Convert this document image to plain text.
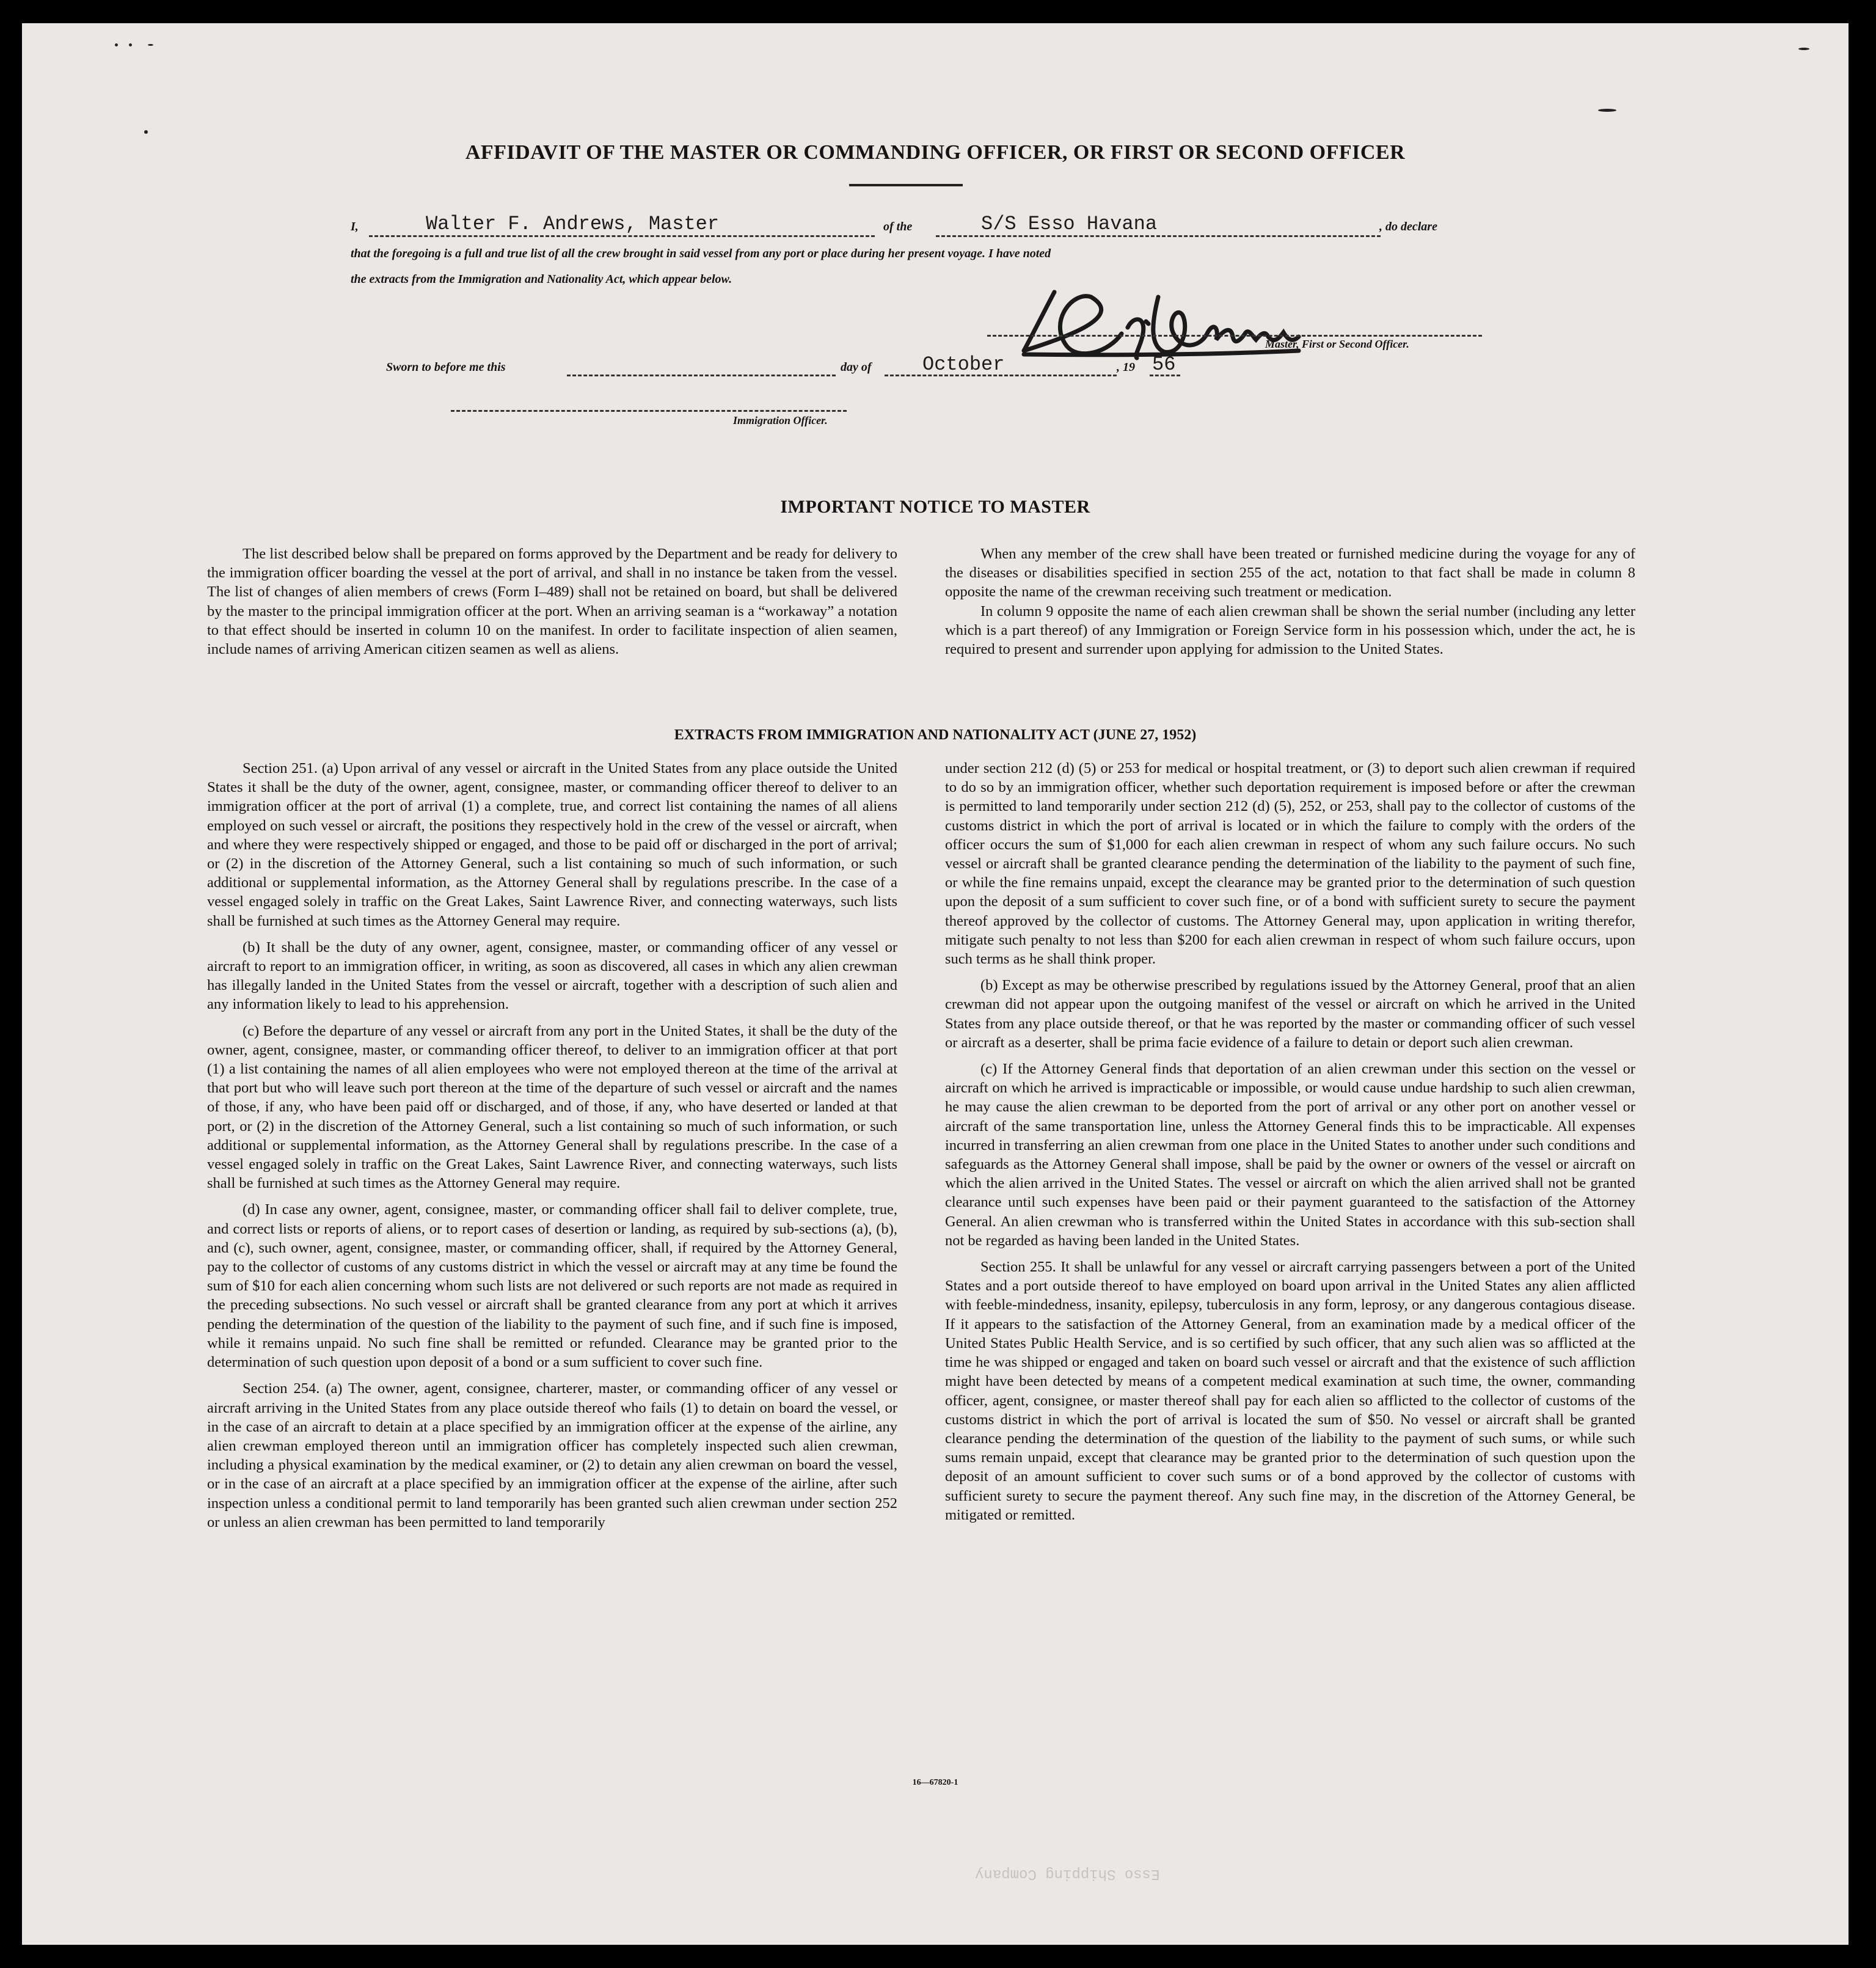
Esso Shipping Company
AFFIDAVIT OF THE MASTER OR COMMANDING OFFICER, OR FIRST OR SECOND OFFICER
I,	Walter F. Andrews, Master	of the	S/S Esso Havana	, do declare
that the foregoing is a full and true list of all the crew brought in said vessel from any port or place during her present voyage. I have noted
the extracts from the Immigration and Nationality Act, which appear below.
Master, First or Second Officer.
Sworn to before me this	day of	October	, 19 56
Immigration Officer.
IMPORTANT NOTICE TO MASTER

The list described below shall be prepared on forms approved by the Department and be ready for delivery to the immigration officer boarding the vessel at the port of arrival, and shall in no instance be taken from the vessel. The list of changes of alien members of crews (Form I–489) shall not be retained on board, but shall be delivered by the master to the principal immigration officer at the port. When an arriving seaman is a “workaway” a notation to that effect should be inserted in column 10 on the manifest. In order to facilitate inspection of alien seamen, include names of arriving American citizen seamen as well as aliens.

When any member of the crew shall have been treated or furnished medicine during the voyage for any of the diseases or disabilities specified in section 255 of the act, notation to that fact shall be made in column 8 opposite the name of the crewman receiving such treatment or medication.

In column 9 opposite the name of each alien crewman shall be shown the serial number (including any letter which is a part thereof) of any Immigration or Foreign Service form in his possession which, under the act, he is required to present and surrender upon applying for admission to the United States.

EXTRACTS FROM IMMIGRATION AND NATIONALITY ACT (JUNE 27, 1952)

Section 251. (a) Upon arrival of any vessel or aircraft in the United States from any place outside the United States it shall be the duty of the owner, agent, consignee, master, or commanding officer thereof to deliver to an immigration officer at the port of arrival (1) a complete, true, and correct list containing the names of all aliens employed on such vessel or aircraft, the positions they respectively hold in the crew of the vessel or aircraft, when and where they were respectively shipped or engaged, and those to be paid off or discharged in the port of arrival; or (2) in the discretion of the Attorney General, such a list containing so much of such information, or such additional or supplemental information, as the Attorney General shall by regulations prescribe. In the case of a vessel engaged solely in traffic on the Great Lakes, Saint Lawrence River, and connecting waterways, such lists shall be furnished at such times as the Attorney General may require.

(b) It shall be the duty of any owner, agent, consignee, master, or commanding officer of any vessel or aircraft to report to an immigration officer, in writing, as soon as discovered, all cases in which any alien crewman has illegally landed in the United States from the vessel or aircraft, together with a description of such alien and any information likely to lead to his apprehension.

(c) Before the departure of any vessel or aircraft from any port in the United States, it shall be the duty of the owner, agent, consignee, master, or commanding officer thereof, to deliver to an immigration officer at that port (1) a list containing the names of all alien employees who were not employed thereon at the time of the arrival at that port but who will leave such port thereon at the time of the departure of such vessel or aircraft and the names of those, if any, who have been paid off or discharged, and of those, if any, who have deserted or landed at that port, or (2) in the discretion of the Attorney General, such a list containing so much of such information, or such additional or supplemental information, as the Attorney General shall by regulations prescribe. In the case of a vessel engaged solely in traffic on the Great Lakes, Saint Lawrence River, and connecting waterways, such lists shall be furnished at such times as the Attorney General may require.

(d) In case any owner, agent, consignee, master, or commanding officer shall fail to deliver complete, true, and correct lists or reports of aliens, or to report cases of desertion or landing, as required by sub-sections (a), (b), and (c), such owner, agent, consignee, master, or commanding officer, shall, if required by the Attorney General, pay to the collector of customs of any customs district in which the vessel or aircraft may at any time be found the sum of $10 for each alien concerning whom such lists are not delivered or such reports are not made as required in the preceding subsections. No such vessel or aircraft shall be granted clearance from any port at which it arrives pending the determination of the question of the liability to the payment of such fine, and if such fine is imposed, while it remains unpaid. No such fine shall be remitted or refunded. Clearance may be granted prior to the determination of such question upon deposit of a bond or a sum sufficient to cover such fine.

Section 254. (a) The owner, agent, consignee, charterer, master, or commanding officer of any vessel or aircraft arriving in the United States from any place outside thereof who fails (1) to detain on board the vessel, or in the case of an aircraft to detain at a place specified by an immigration officer at the expense of the airline, any alien crewman employed thereon until an immigration officer has completely inspected such alien crewman, including a physical examination by the medical examiner, or (2) to detain any alien crewman on board the vessel, or in the case of an aircraft at a place specified by an immigration officer at the expense of the airline, after such inspection unless a conditional permit to land temporarily has been granted such alien crewman under section 252 or unless an alien crewman has been permitted to land temporarily

under section 212 (d) (5) or 253 for medical or hospital treatment, or (3) to deport such alien crewman if required to do so by an immigration officer, whether such deportation requirement is imposed before or after the crewman is permitted to land temporarily under section 212 (d) (5), 252, or 253, shall pay to the collector of customs of the customs district in which the port of arrival is located or in which the failure to comply with the orders of the officer occurs the sum of $1,000 for each alien crewman in respect of whom any such failure occurs. No such vessel or aircraft shall be granted clearance pending the determination of the liability to the payment of such fine, or while the fine remains unpaid, except the clearance may be granted prior to the determination of such question upon the deposit of a sum sufficient to cover such fine, or of a bond with sufficient surety to secure the payment thereof approved by the collector of customs. The Attorney General may, upon application in writing therefor, mitigate such penalty to not less than $200 for each alien crewman in respect of whom such failure occurs, upon such terms as he shall think proper.

(b) Except as may be otherwise prescribed by regulations issued by the Attorney General, proof that an alien crewman did not appear upon the outgoing manifest of the vessel or aircraft on which he arrived in the United States from any place outside thereof, or that he was reported by the master or commanding officer of such vessel or aircraft as a deserter, shall be prima facie evidence of a failure to detain or deport such alien crewman.

(c) If the Attorney General finds that deportation of an alien crewman under this section on the vessel or aircraft on which he arrived is impracticable or impossible, or would cause undue hardship to such alien crewman, he may cause the alien crewman to be deported from the port of arrival or any other port on another vessel or aircraft of the same transportation line, unless the Attorney General finds this to be impracticable. All expenses incurred in transferring an alien crewman from one place in the United States to another under such conditions and safeguards as the Attorney General shall impose, shall be paid by the owner or owners of the vessel or aircraft on which the alien arrived in the United States. The vessel or aircraft on which the alien arrived shall not be granted clearance until such expenses have been paid or their payment guaranteed to the satisfaction of the Attorney General. An alien crewman who is transferred within the United States in accordance with this sub-section shall not be regarded as having been landed in the United States.

Section 255. It shall be unlawful for any vessel or aircraft carrying passengers between a port of the United States and a port outside thereof to have employed on board upon arrival in the United States any alien afflicted with feeble-mindedness, insanity, epilepsy, tuberculosis in any form, leprosy, or any dangerous contagious disease. If it appears to the satisfaction of the Attorney General, from an examination made by a medical officer of the United States Public Health Service, and is so certified by such officer, that any such alien was so afflicted at the time he was shipped or engaged and taken on board such vessel or aircraft and that the existence of such affliction might have been detected by means of a competent medical examination at such time, the owner, commanding officer, agent, consignee, or master thereof shall pay for each alien so afflicted to the collector of customs of the customs district in which the port of arrival is located the sum of $50. No vessel or aircraft shall be granted clearance pending the determination of the question of the liability to the payment of such sums, or while such sums remain unpaid, except that clearance may be granted prior to the determination of such question upon the deposit of an amount sufficient to cover such sums or of a bond approved by the collector of customs with sufficient surety to secure the payment thereof. Any such fine may, in the discretion of the Attorney General, be mitigated or remitted.

16—67820-1
